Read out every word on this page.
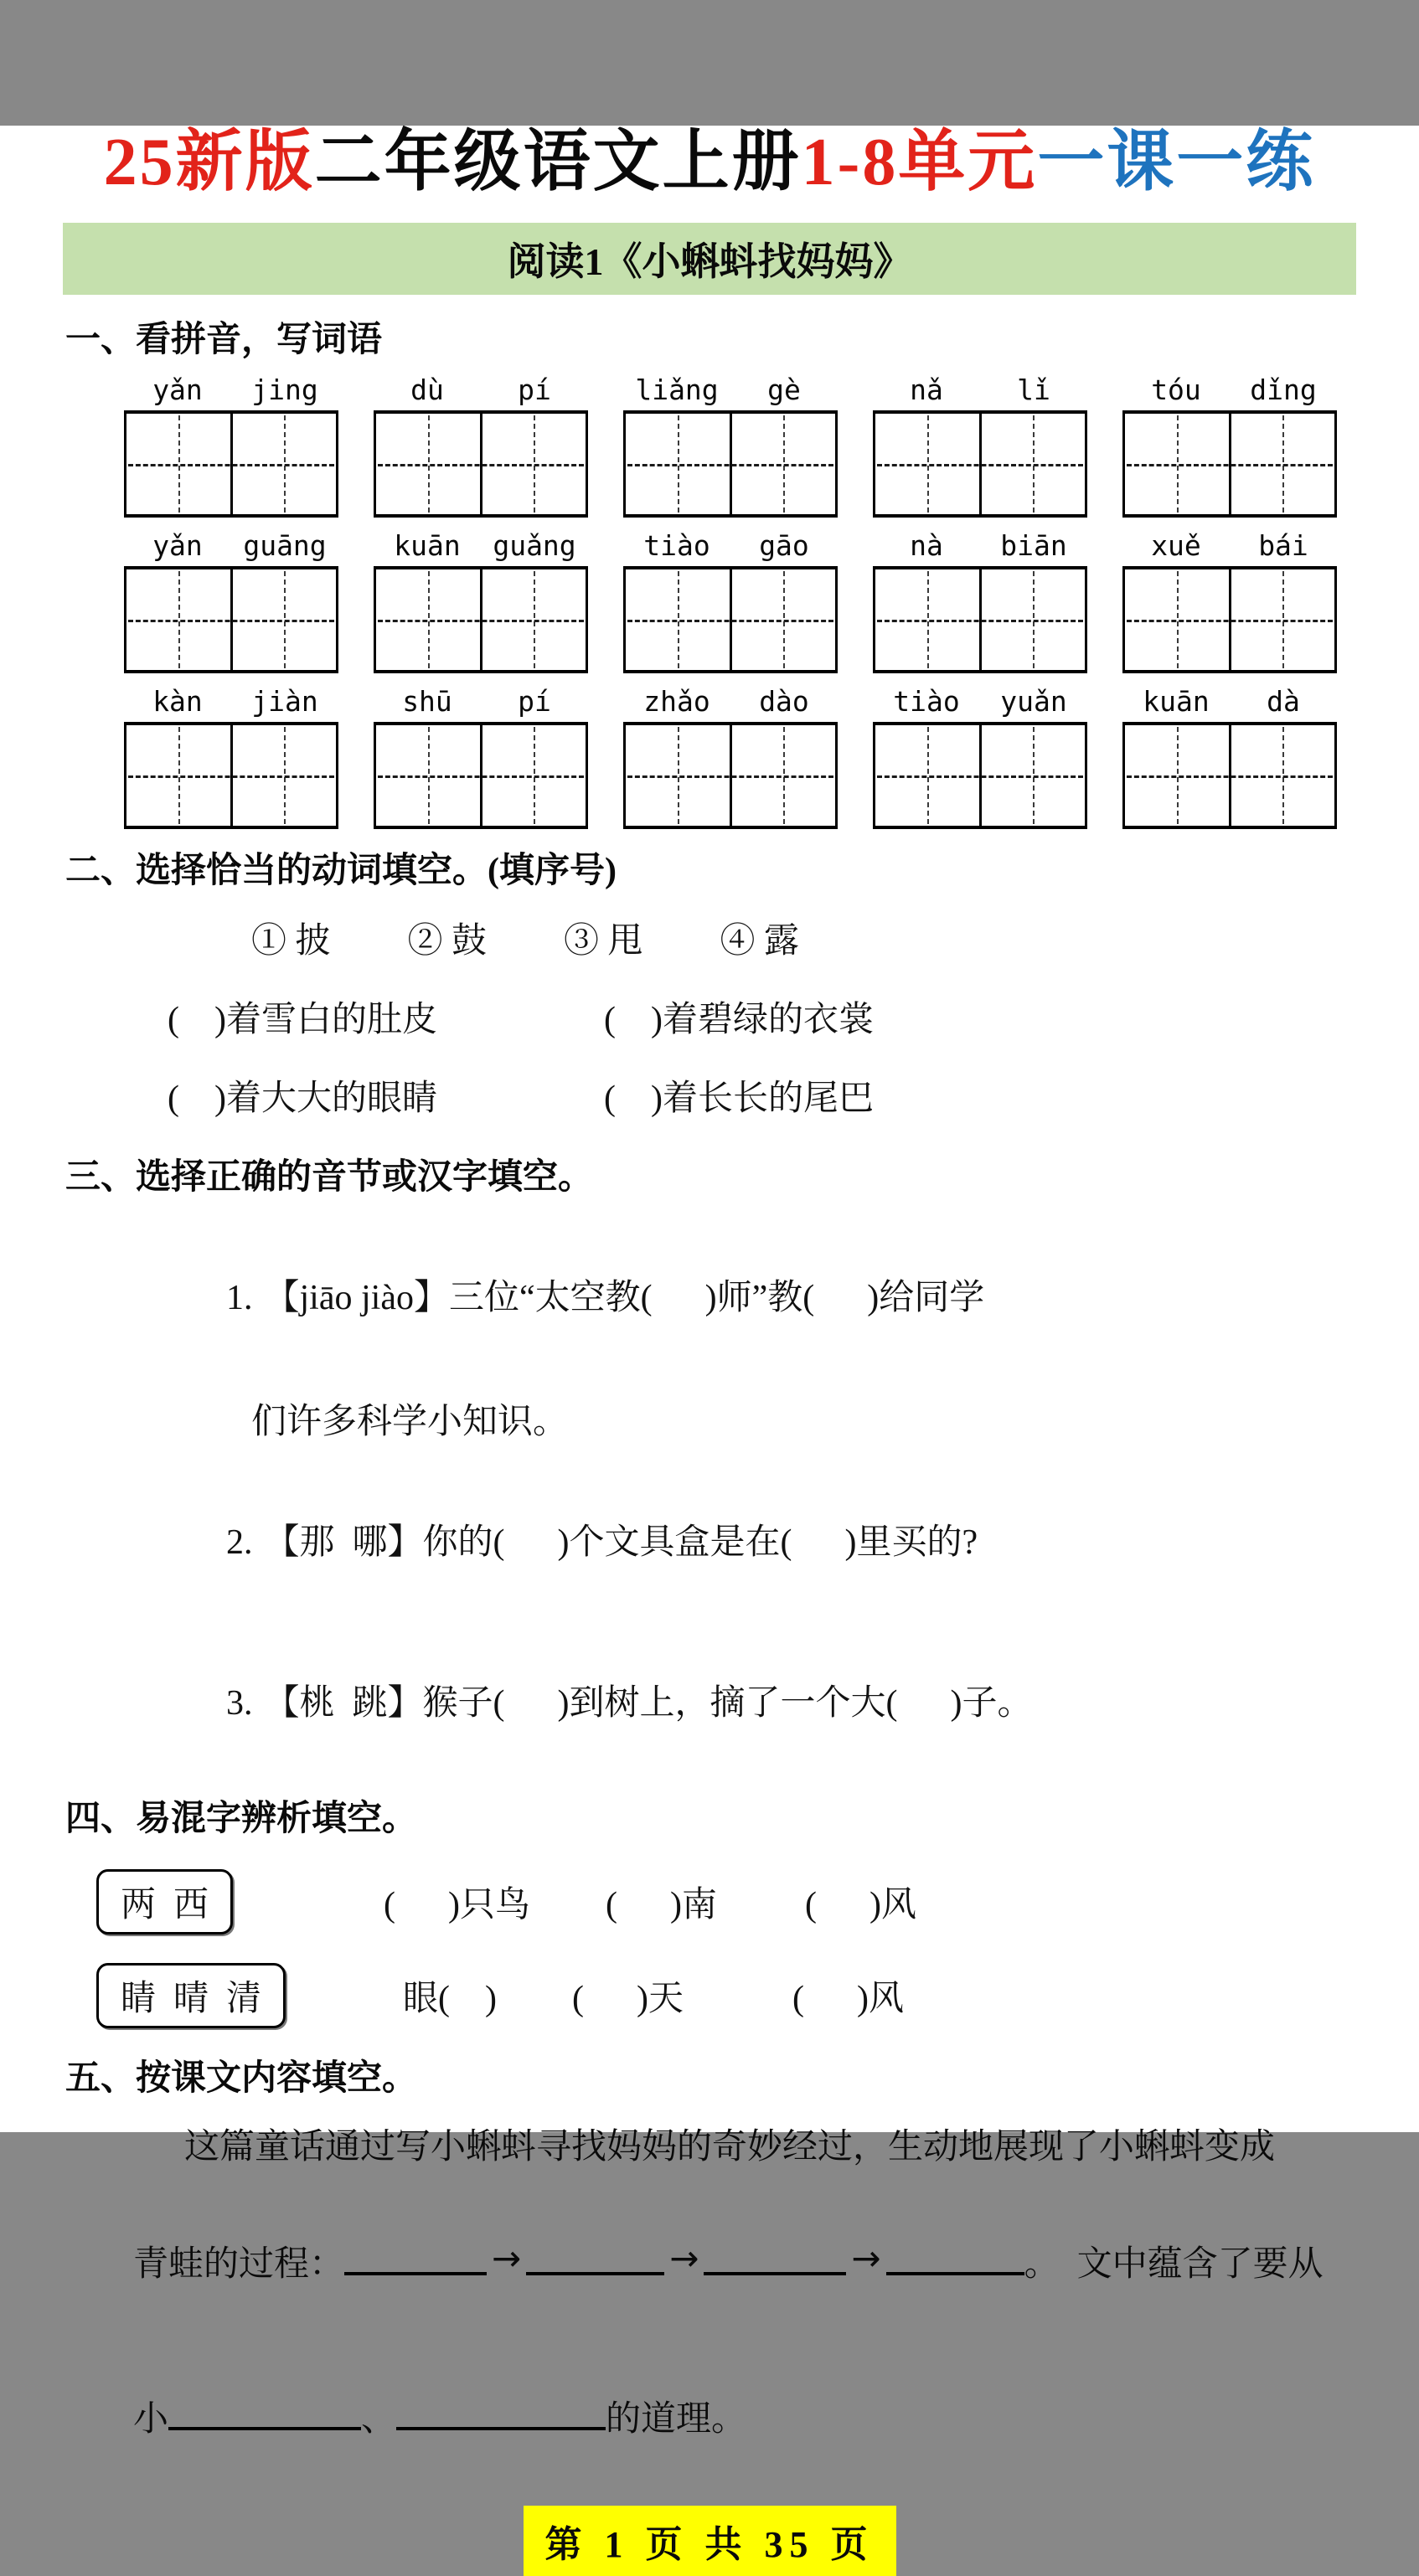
25新版二年级语文上册1-8单元一课一练
阅读1《小蝌蚪找妈妈》
一、看拼音，写词语
yǎn	jing	dù	pí	liǎng	gè	nǎ	lǐ	tóu	dǐng
yǎn	guāng	kuān	guǎng	tiào	gāo	nà	biān	xuě	bái
kàn	jiàn	shū	pí	zhǎo	dào	tiào	yuǎn	kuān	dà
二、选择恰当的动词填空。(填序号)
① 披 ② 鼓 ③ 甩 ④ 露
(    )着雪白的肚皮	(    )着碧绿的衣裳
(    )着大大的眼睛	(    )着长长的尾巴
三、选择正确的音节或汉字填空。

1. 【jiāo jiào】三位“太空教(      )师”教(      )给同学

们许多科学小知识。

2. 【那  哪】你的(      )个文具盒是在(      )里买的?

3. 【桃  跳】猴子(      )到树上，摘了一个大(      )子。

四、易混字辨析填空。
两  西	(      )只鸟 (      )南	(      )风
睛  晴  清	眼(    ) (      )天	(      )风
五、按课文内容填空。
这篇童话通过写小蝌蚪寻找妈妈的奇妙经过，生动地展现了小蝌蚪变成

青蛙的过程：	→	→	→	。  文中蕴含了要从

小	、	的道理。

第 1 页 共 35 页
